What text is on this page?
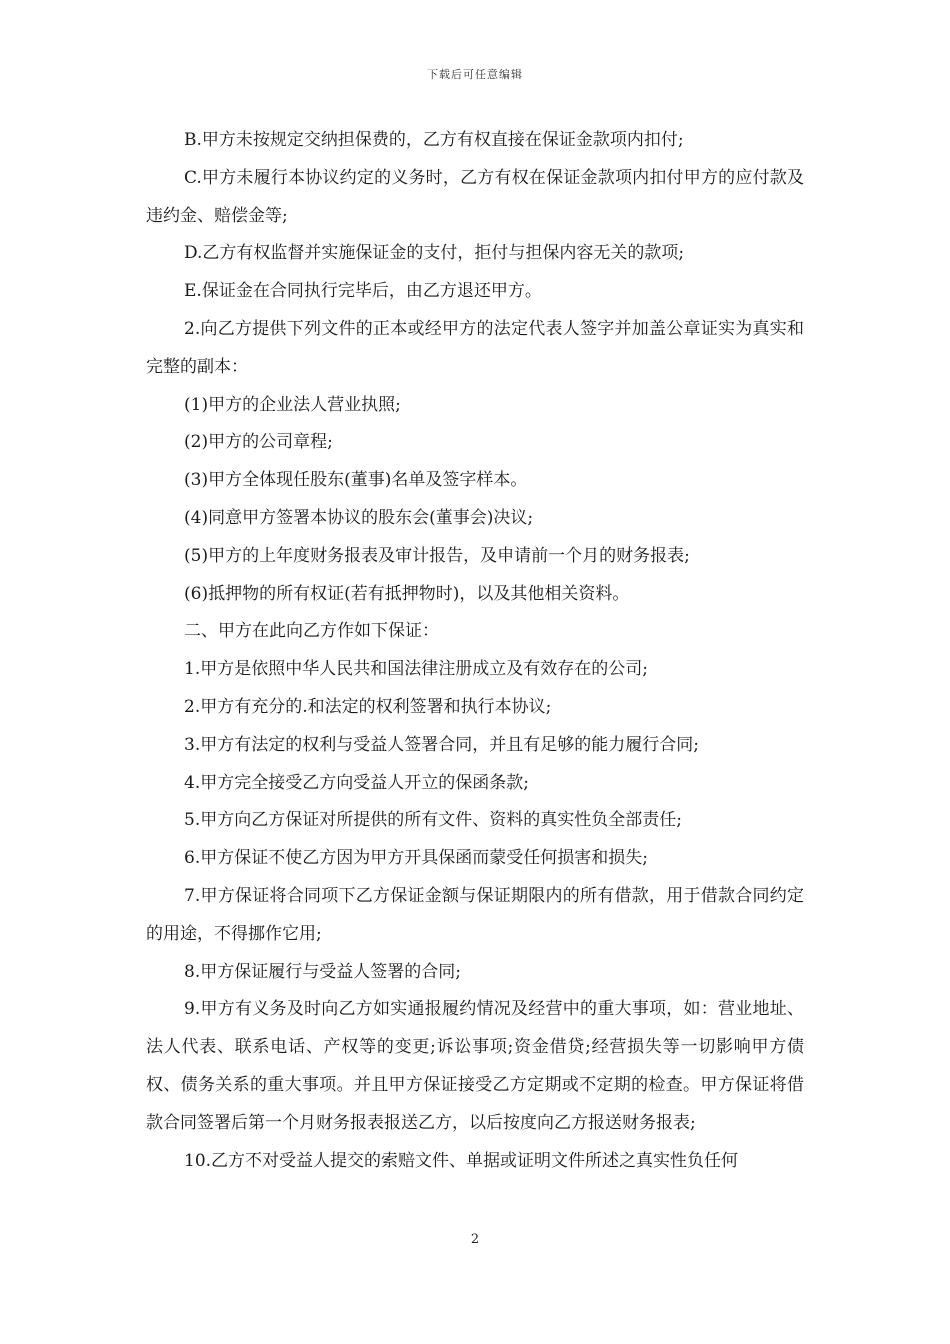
下载后可任意编辑

B.甲方未按规定交纳担保费的，乙方有权直接在保证金款项内扣付;

C.甲方未履行本协议约定的义务时，乙方有权在保证金款项内扣付甲方的应付款及违约金、赔偿金等;

D.乙方有权监督并实施保证金的支付，拒付与担保内容无关的款项;

E.保证金在合同执行完毕后，由乙方退还甲方。

2.向乙方提供下列文件的正本或经甲方的法定代表人签字并加盖公章证实为真实和完整的副本：

(1)甲方的企业法人营业执照;

(2)甲方的公司章程;

(3)甲方全体现任股东(董事)名单及签字样本。

(4)同意甲方签署本协议的股东会(董事会)决议;

(5)甲方的上年度财务报表及审计报告，及申请前一个月的财务报表;

(6)抵押物的所有权证(若有抵押物时)，以及其他相关资料。

二、甲方在此向乙方作如下保证：

1.甲方是依照中华人民共和国法律注册成立及有效存在的公司;

2.甲方有充分的.和法定的权利签署和执行本协议;

3.甲方有法定的权利与受益人签署合同，并且有足够的能力履行合同;

4.甲方完全接受乙方向受益人开立的保函条款;

5.甲方向乙方保证对所提供的所有文件、资料的真实性负全部责任;

6.甲方保证不使乙方因为甲方开具保函而蒙受任何损害和损失;

7.甲方保证将合同项下乙方保证金额与保证期限内的所有借款，用于借款合同约定的用途，不得挪作它用;

8.甲方保证履行与受益人签署的合同;

9.甲方有义务及时向乙方如实通报履约情况及经营中的重大事项，如：营业地址、法人代表、联系电话、产权等的变更;诉讼事项;资金借贷;经营损失等一切影响甲方债权、债务关系的重大事项。并且甲方保证接受乙方定期或不定期的检查。甲方保证将借款合同签署后第一个月财务报表报送乙方，以后按度向乙方报送财务报表;

10.乙方不对受益人提交的索赔文件、单据或证明文件所述之真实性负任何

2
